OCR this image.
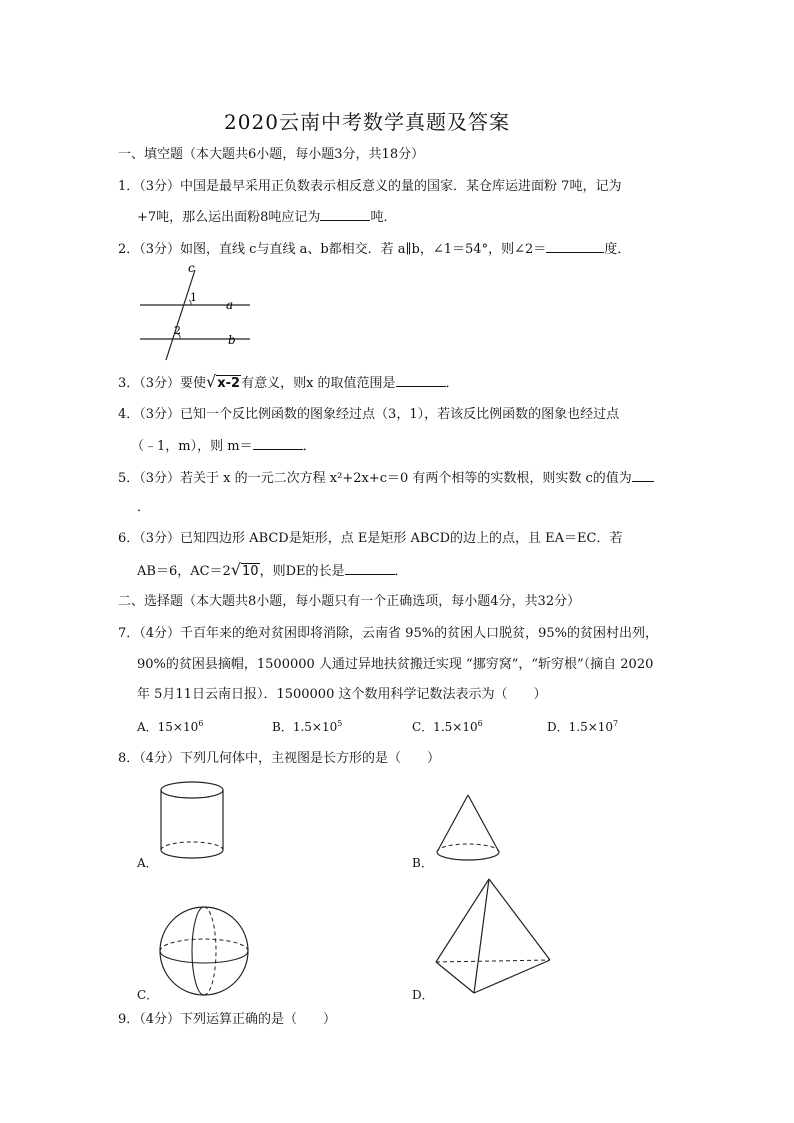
2020云南中考数学真题及答案
一、填空题（本大题共6小题，每小题3分，共18分）
1．（3分）中国是最早采用正负数表示相反意义的量的国家．某仓库运进面粉 7吨，记为
+7吨，那么运出面粉8吨应记为	吨．
2．（3分）如图，直线 c与直线 a、b都相交．若 a∥b，∠1＝54°，则∠2＝	度．
c
a
b
1
2
3．（3分）要使√x-2有意义，则x 的取值范围是	．
4．（3分）已知一个反比例函数的图象经过点（3，1），若该反比例函数的图象也经过点
（﹣1，m），则 m＝	．
5．（3分）若关于 x 的一元二次方程 x²+2x+c＝0 有两个相等的实数根，则实数 c的值为
．
6．（3分）已知四边形 ABCD是矩形，点 E是矩形 ABCD的边上的点，且 EA＝EC．若
AB＝6，AC＝2√10，则DE的长是	．
二、选择题（本大题共8小题，每小题只有一个正确选项，每小题4分，共32分）
7．（4分）千百年来的绝对贫困即将消除，云南省 95%的贫困人口脱贫，95%的贫困村出列，
90%的贫困县摘帽，1500000 人通过异地扶贫搬迁实现 “挪穷窝”，“斩穷根”（摘自 2020
年 5月11日云南日报）．1500000 这个数用科学记数法表示为（　　）
A．$15\times 10^6$	B．$1.5\times 10^5$	C．$1.5\times 10^6$	D．$1.5\times 10^7$
8．（4分）下列几何体中，主视图是长方形的是（　　）
A．	B．
C．	D．
9．（4分）下列运算正确的是（　　）
